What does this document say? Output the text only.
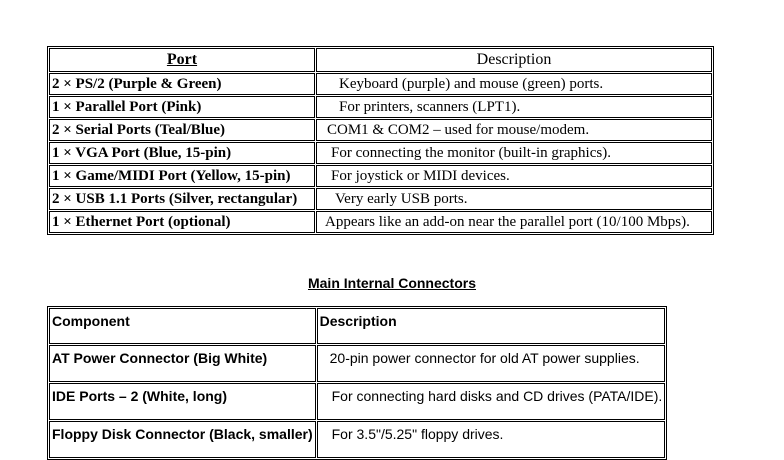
Port	Description
2 × PS/2 (Purple & Green)	Keyboard (purple) and mouse (green) ports.
1 × Parallel Port (Pink)	For printers, scanners (LPT1).
2 × Serial Ports (Teal/Blue)	COM1 & COM2 – used for mouse/modem.
1 × VGA Port (Blue, 15-pin)	For connecting the monitor (built-in graphics).
1 × Game/MIDI Port (Yellow, 15-pin)	For joystick or MIDI devices.
2 × USB 1.1 Ports (Silver, rectangular)	Very early USB ports.
1 × Ethernet Port (optional)	Appears like an add-on near the parallel port (10/100 Mbps).
Main Internal Connectors
Component	Description
AT Power Connector (Big White)	20-pin power connector for old AT power supplies.
IDE Ports – 2 (White, long)	For connecting hard disks and CD drives (PATA/IDE).
Floppy Disk Connector (Black, smaller)	For 3.5"/5.25" floppy drives.
